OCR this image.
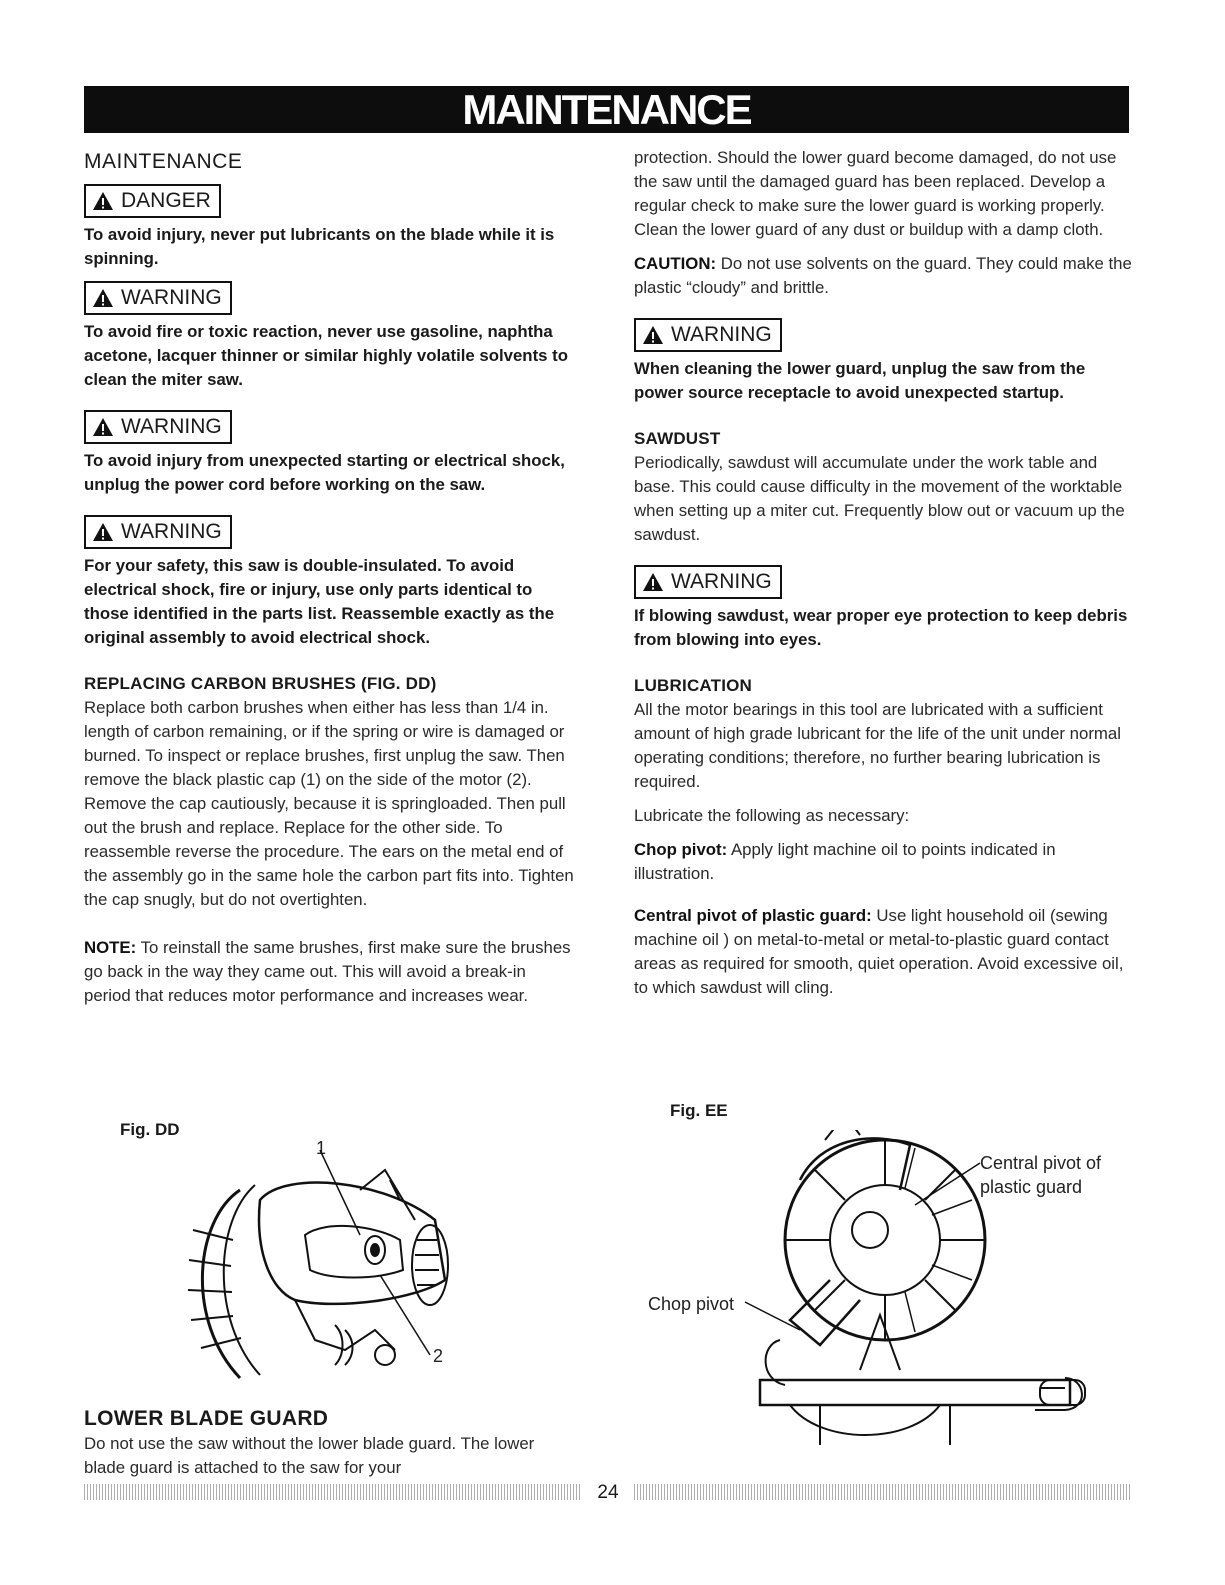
MAINTENANCE
MAINTENANCE
DANGER

To avoid injury, never put lubricants on the blade while it is spinning.

WARNING

To avoid fire or toxic reaction, never use gasoline, naphtha acetone, lacquer thinner or similar highly volatile solvents to clean the miter saw.

WARNING

To avoid injury from unexpected starting or electrical shock, unplug the power cord before working on the saw.

WARNING

For your safety, this saw is double-insulated. To avoid electrical shock, fire or injury, use only parts identical to those identified in the parts list. Reassemble exactly as the original assembly to avoid electrical shock.

REPLACING CARBON BRUSHES (FIG. DD)

Replace both carbon brushes when either has less than 1/4 in. length of carbon remaining, or if the spring or wire is damaged or burned. To inspect or replace brushes, first unplug the saw. Then remove the black plastic cap (1) on the side of the motor (2). Remove the cap cautiously, because it is springloaded. Then pull out the brush and replace. Replace for the other side. To reassemble reverse the procedure. The ears on the metal end of the assembly go in the same hole the carbon part fits into. Tighten the cap snugly, but do not overtighten.

NOTE: To reinstall the same brushes, first make sure the brushes go back in the way they came out. This will avoid a break-in period that reduces motor performance and increases wear.

Fig. DD
1
2
LOWER BLADE GUARD

Do not use the saw without the lower blade guard. The lower blade guard is attached to the saw for your

protection. Should the lower guard become damaged, do not use the saw until the damaged guard has been replaced. Develop a regular check to make sure the lower guard is working properly. Clean the lower guard of any dust or buildup with a damp cloth.

CAUTION: Do not use solvents on the guard. They could make the plastic “cloudy” and brittle.

WARNING

When cleaning the lower guard, unplug the saw from the power source receptacle to avoid unexpected startup.

SAWDUST

Periodically, sawdust will accumulate under the work table and base. This could cause difficulty in the movement of the worktable when setting up a miter cut. Frequently blow out or vacuum up the sawdust.

WARNING

If blowing sawdust, wear proper eye protection to keep debris from blowing into eyes.

LUBRICATION

All the motor bearings in this tool are lubricated with a sufficient amount of high grade lubricant for the life of the unit under normal operating conditions; therefore, no further bearing lubrication is required.

Lubricate the following as necessary:

Chop pivot: Apply light machine oil to points indicated in illustration.

Central pivot of plastic guard: Use light household oil (sewing machine oil ) on metal-to-metal or metal-to-plastic guard contact areas as required for smooth, quiet operation. Avoid excessive oil, to which sawdust will cling.

Fig. EE
Central pivot of
plastic guard
Chop pivot
24
